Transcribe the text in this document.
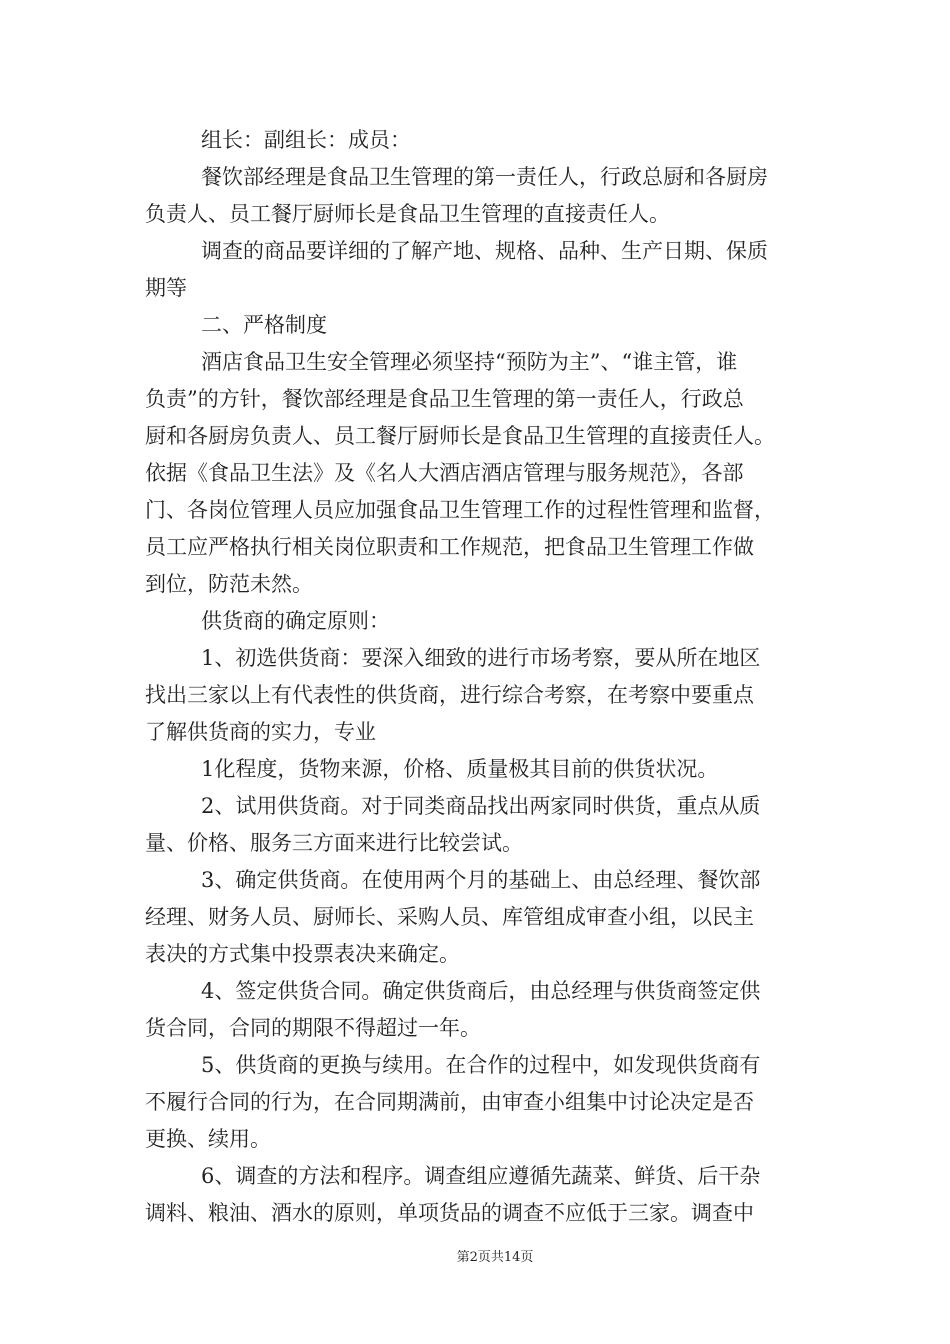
组长：副组长：成员：
餐饮部经理是食品卫生管理的第一责任人，行政总厨和各厨房
负责人、员工餐厅厨师长是食品卫生管理的直接责任人。
调查的商品要详细的了解产地、规格、品种、生产日期、保质
期等
二、严格制度
酒店食品卫生安全管理必须坚持“预防为主”、“谁主管，谁
负责”的方针，餐饮部经理是食品卫生管理的第一责任人，行政总
厨和各厨房负责人、员工餐厅厨师长是食品卫生管理的直接责任人。
依据《食品卫生法》及《名人大酒店酒店管理与服务规范》，各部
门、各岗位管理人员应加强食品卫生管理工作的过程性管理和监督，
员工应严格执行相关岗位职责和工作规范，把食品卫生管理工作做
到位，防范未然。
供货商的确定原则：
1、初选供货商：要深入细致的进行市场考察，要从所在地区
找出三家以上有代表性的供货商，进行综合考察，在考察中要重点
了解供货商的实力，专业
1化程度，货物来源，价格、质量极其目前的供货状况。
2、试用供货商。对于同类商品找出两家同时供货，重点从质
量、价格、服务三方面来进行比较尝试。
3、确定供货商。在使用两个月的基础上、由总经理、餐饮部
经理、财务人员、厨师长、采购人员、库管组成审查小组，以民主
表决的方式集中投票表决来确定。
4、签定供货合同。确定供货商后，由总经理与供货商签定供
货合同，合同的期限不得超过一年。
5、供货商的更换与续用。在合作的过程中，如发现供货商有
不履行合同的行为，在合同期满前，由审查小组集中讨论决定是否
更换、续用。
6、调查的方法和程序。调查组应遵循先蔬菜、鲜货、后干杂
调料、粮油、酒水的原则，单项货品的调查不应低于三家。调查中
第2页共14页
